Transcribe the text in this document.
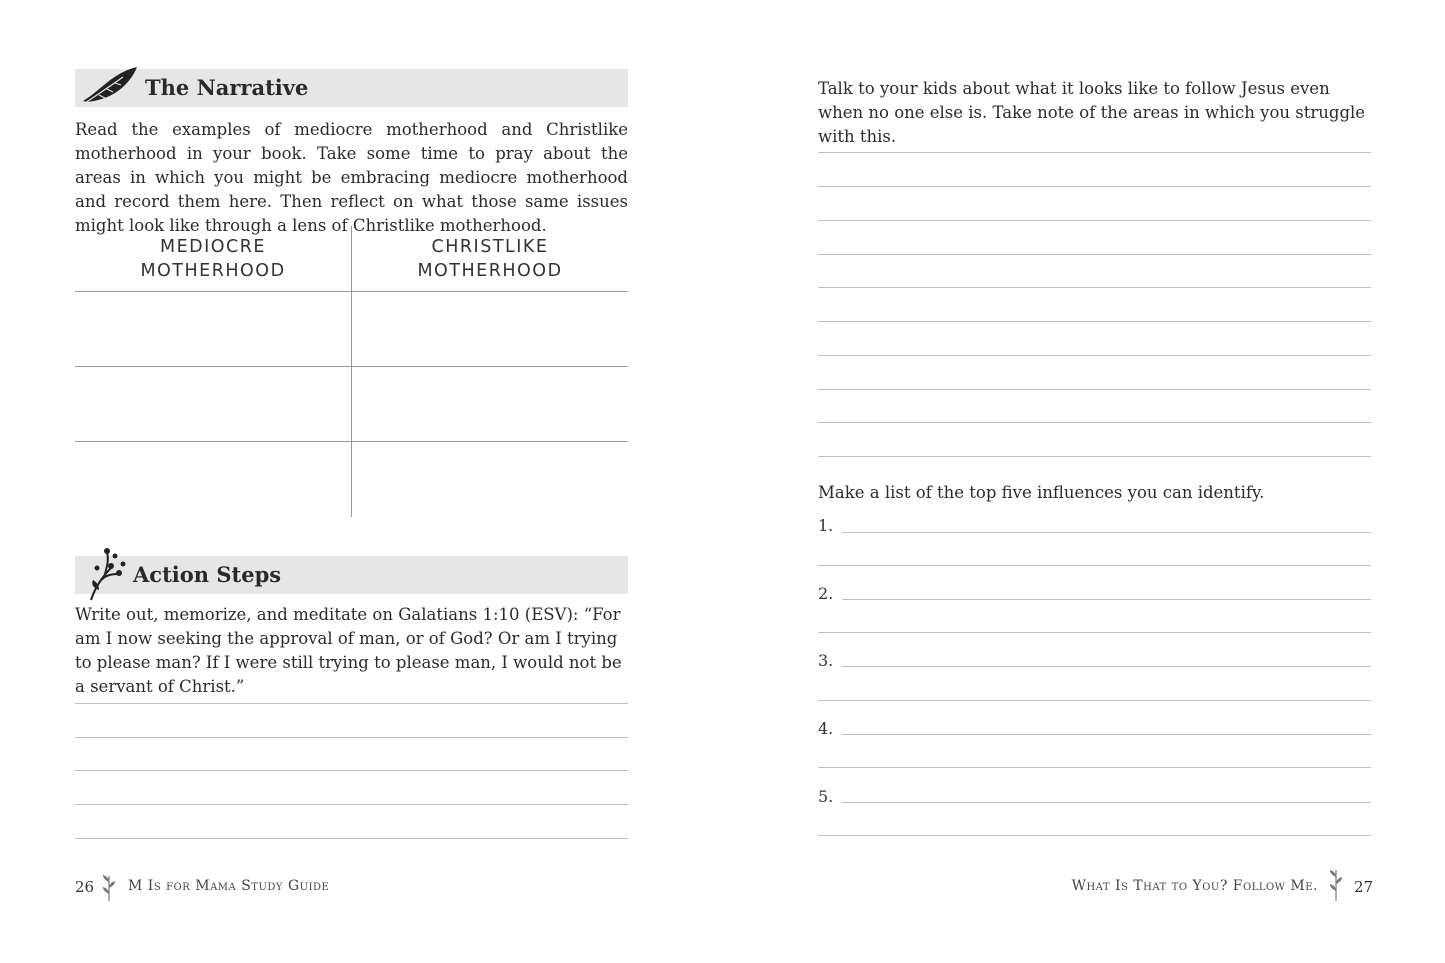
The Narrative
Read the examples of mediocre motherhood and Christlike motherhood in your book. Take some time to pray about the areas in which you might be embracing mediocre motherhood and record them here. Then reflect on what those same issues might look like through a lens of Christlike motherhood.
MEDIOCRE
MOTHERHOOD
CHRISTLIKE
MOTHERHOOD
Action Steps
Write out, memorize, and meditate on Galatians 1:10 (ESV): “For am I now seeking the approval of man, or of God? Or am I trying to please man? If I were still trying to please man, I would not be a servant of Christ.”
26 M Is for Mama Study Guide
Talk to your kids about what it looks like to follow Jesus even when no one else is. Take note of the areas in which you struggle with this.
Make a list of the top five influences you can identify.
1.
2.
3.
4.
5.
What Is That to You? Follow Me. 27
